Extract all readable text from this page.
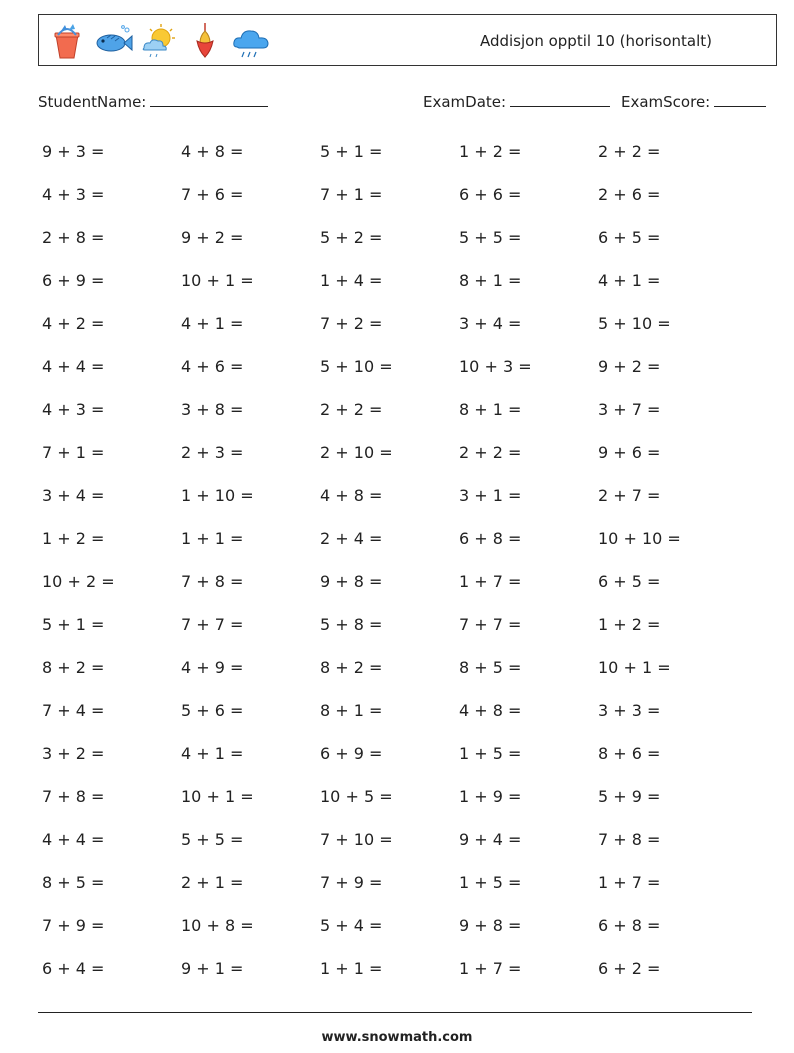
Addisjon opptil 10 (horisontalt)
StudentName:	ExamDate:	ExamScore:
9 + 3 =	4 + 8 =	5 + 1 =	1 + 2 =	2 + 2 =
4 + 3 =	7 + 6 =	7 + 1 =	6 + 6 =	2 + 6 =
2 + 8 =	9 + 2 =	5 + 2 =	5 + 5 =	6 + 5 =
6 + 9 =	10 + 1 =	1 + 4 =	8 + 1 =	4 + 1 =
4 + 2 =	4 + 1 =	7 + 2 =	3 + 4 =	5 + 10 =
4 + 4 =	4 + 6 =	5 + 10 =	10 + 3 =	9 + 2 =
4 + 3 =	3 + 8 =	2 + 2 =	8 + 1 =	3 + 7 =
7 + 1 =	2 + 3 =	2 + 10 =	2 + 2 =	9 + 6 =
3 + 4 =	1 + 10 =	4 + 8 =	3 + 1 =	2 + 7 =
1 + 2 =	1 + 1 =	2 + 4 =	6 + 8 =	10 + 10 =
10 + 2 =	7 + 8 =	9 + 8 =	1 + 7 =	6 + 5 =
5 + 1 =	7 + 7 =	5 + 8 =	7 + 7 =	1 + 2 =
8 + 2 =	4 + 9 =	8 + 2 =	8 + 5 =	10 + 1 =
7 + 4 =	5 + 6 =	8 + 1 =	4 + 8 =	3 + 3 =
3 + 2 =	4 + 1 =	6 + 9 =	1 + 5 =	8 + 6 =
7 + 8 =	10 + 1 =	10 + 5 =	1 + 9 =	5 + 9 =
4 + 4 =	5 + 5 =	7 + 10 =	9 + 4 =	7 + 8 =
8 + 5 =	2 + 1 =	7 + 9 =	1 + 5 =	1 + 7 =
7 + 9 =	10 + 8 =	5 + 4 =	9 + 8 =	6 + 8 =
6 + 4 =	9 + 1 =	1 + 1 =	1 + 7 =	6 + 2 =
www.snowmath.com
